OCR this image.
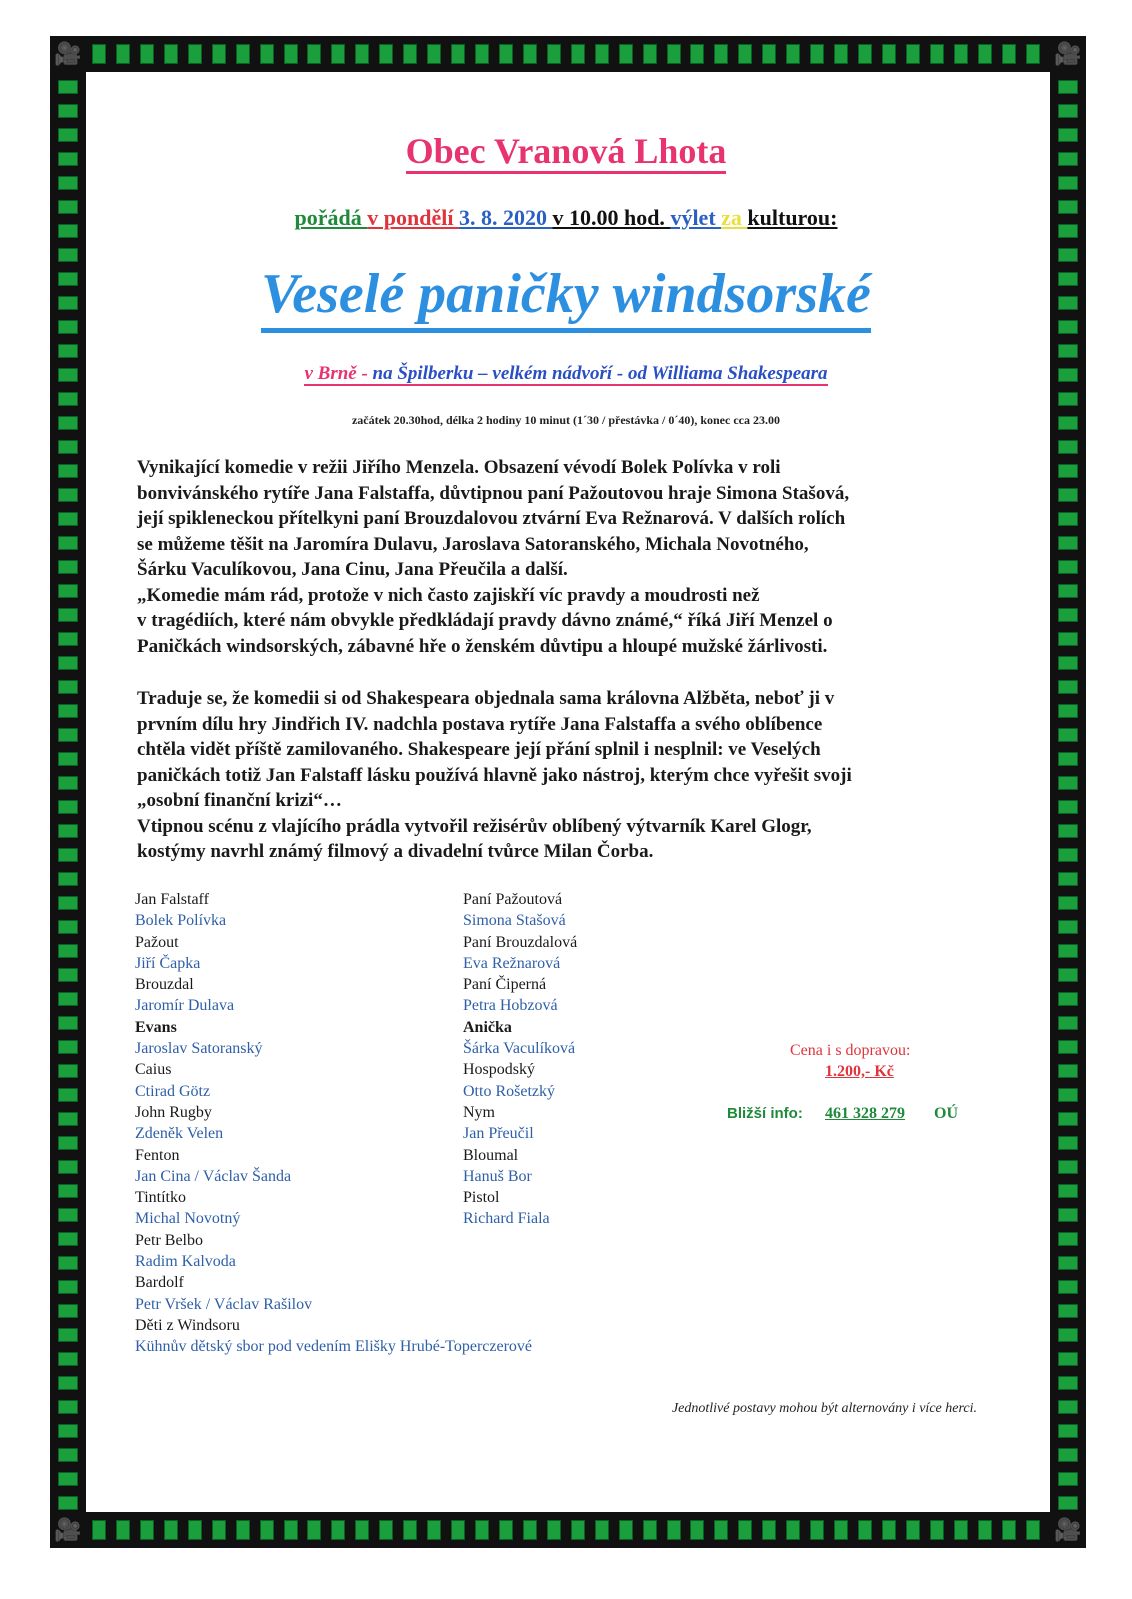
🎥	🎥
🎥	🎥
Obec Vranová Lhota
pořádá v pondělí 3. 8. 2020 v 10.00 hod. výlet za kulturou:
Veselé paničky windsorské
v Brně - na Špilberku – velkém nádvoří - od Williama Shakespeara
začátek 20.30hod, délka 2 hodiny 10 minut (1´30 / přestávka / 0´40), konec cca 23.00

Vynikající komedie v režii Jiřího Menzela. Obsazení vévodí Bolek Polívka v roli
bonvivánského rytíře Jana Falstaffa, důvtipnou paní Pažoutovou hraje Simona Stašová,
její spikleneckou přítelkyni paní Brouzdalovou ztvární Eva Režnarová. V dalších rolích
se můžeme těšit na Jaromíra Dulavu, Jaroslava Satoranského, Michala Novotného,
Šárku Vaculíkovou, Jana Cinu, Jana Přeučila a další.
„Komedie mám rád, protože v nich často zajiskří víc pravdy a moudrosti než
v tragédiích, které nám obvykle předkládají pravdy dávno známé,“ říká Jiří Menzel o
Paničkách windsorských, zábavné hře o ženském důvtipu a hloupé mužské žárlivosti.

Traduje se, že komedii si od Shakespeara objednala sama královna Alžběta, neboť ji v
prvním dílu hry Jindřich IV. nadchla postava rytíře Jana Falstaffa a svého oblíbence
chtěla vidět příště zamilovaného. Shakespeare její přání splnil i nesplnil: ve Veselých
paničkách totiž Jan Falstaff lásku používá hlavně jako nástroj, kterým chce vyřešit svoji
„osobní finanční krizi“…
Vtipnou scénu z vlajícího prádla vytvořil režisérův oblíbený výtvarník Karel Glogr,
kostýmy navrhl známý filmový a divadelní tvůrce Milan Čorba.

Jan Falstaff
Bolek Polívka
Pažout
Jiří Čapka
Brouzdal
Jaromír Dulava
Evans
Jaroslav Satoranský
Caius
Ctirad Götz
John Rugby
Zdeněk Velen
Fenton
Jan Cina / Václav Šanda
Tintítko
Michal Novotný
Petr Belbo
Radim Kalvoda
Bardolf
Petr Vršek / Václav Rašilov
Děti z Windsoru
Kühnův dětský sbor pod vedením Elišky Hrubé-Toperczerové
Paní Pažoutová
Simona Stašová
Paní Brouzdalová
Eva Režnarová
Paní Čiperná
Petra Hobzová
Anička
Šárka Vaculíková
Hospodský
Otto Rošetzký
Nym
Jan Přeučil
Bloumal
Hanuš Bor
Pistol
Richard Fiala
Cena i s dopravou:
1.200,- Kč
Bližší info: 461 328 279 OÚ
Jednotlivé postavy mohou být alternovány i více herci.
